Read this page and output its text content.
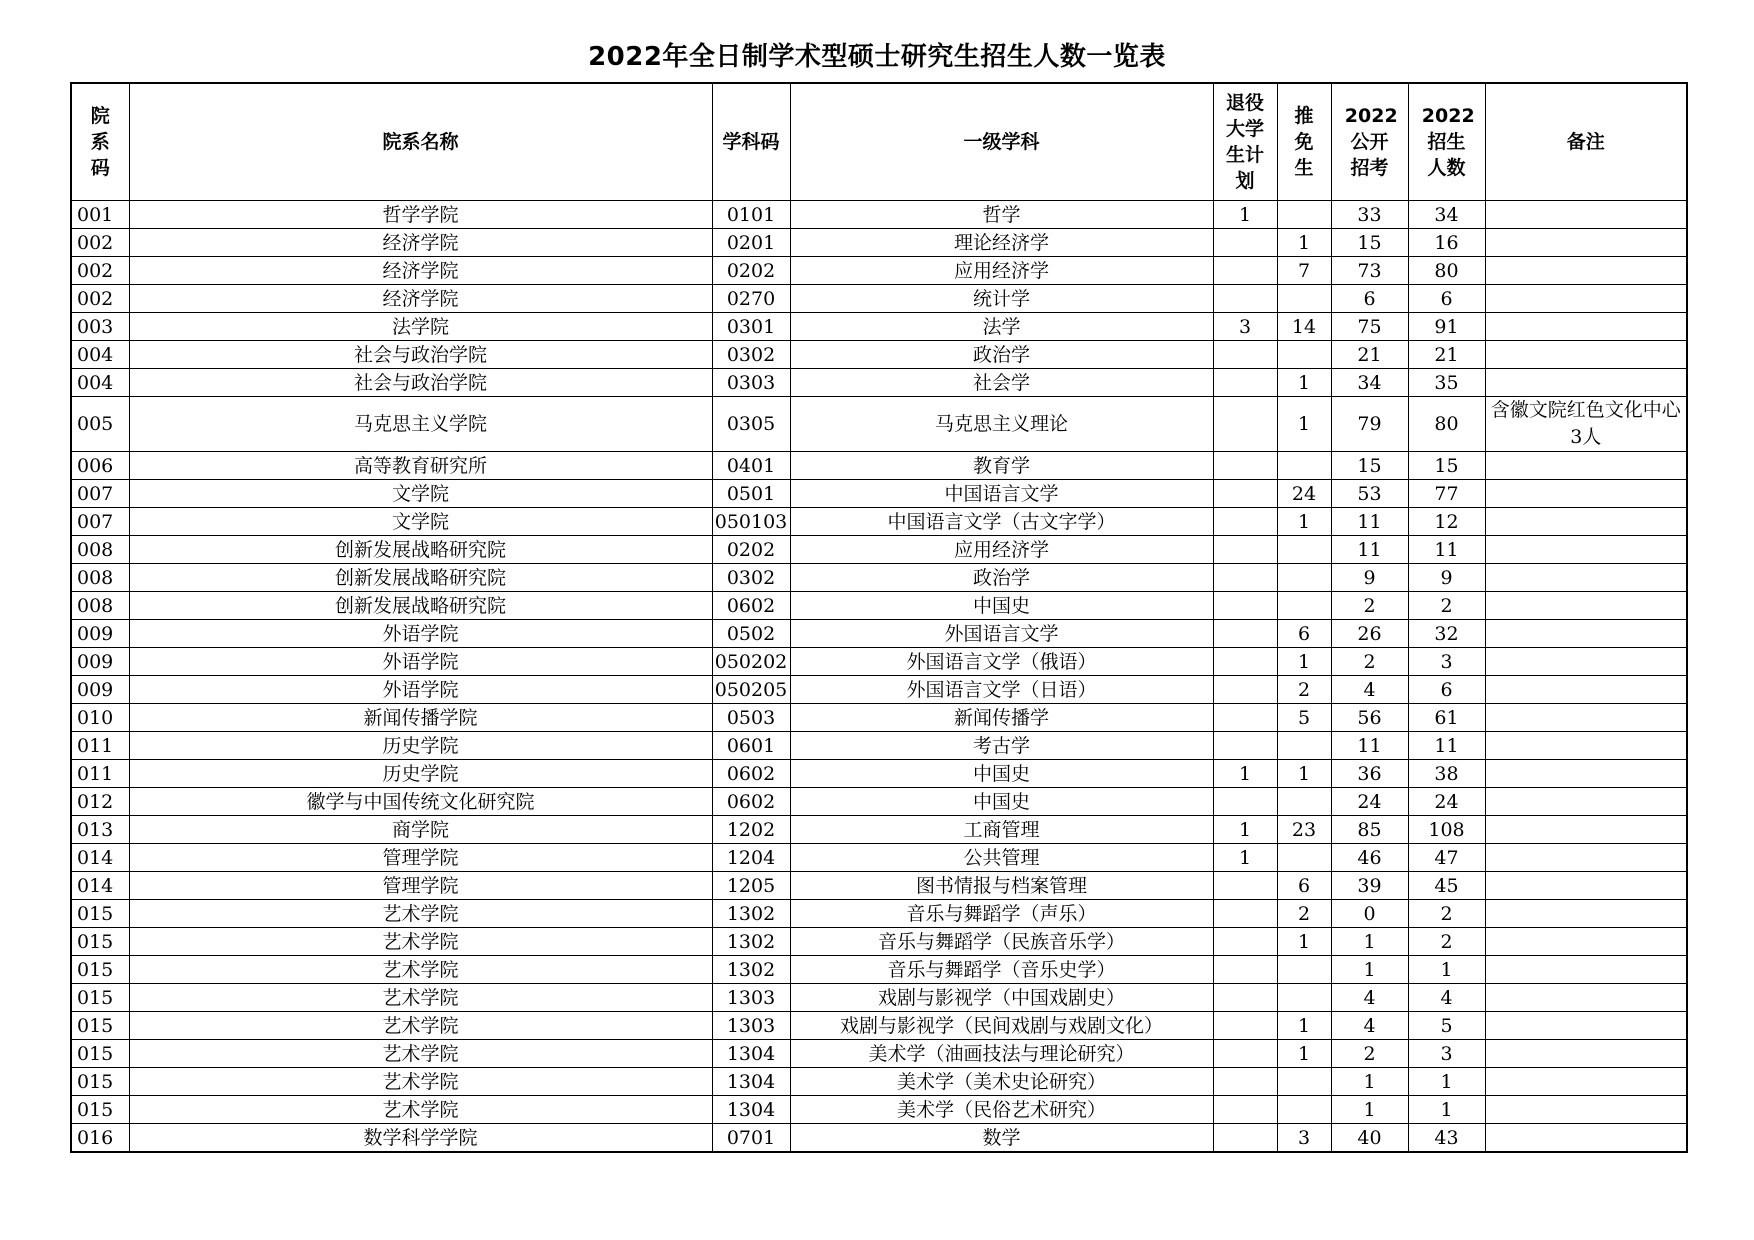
2022年全日制学术型硕士研究生招生人数一览表
院系码	院系名称	学科码	一级学科	退役大学生计划	推免生	2022公开招考	2022招生人数	备注
001	哲学学院	0101	哲学	1		33	34	
002	经济学院	0201	理论经济学		1	15	16	
002	经济学院	0202	应用经济学		7	73	80	
002	经济学院	0270	统计学			6	6	
003	法学院	0301	法学	3	14	75	91	
004	社会与政治学院	0302	政治学			21	21	
004	社会与政治学院	0303	社会学		1	34	35	
005	马克思主义学院	0305	马克思主义理论		1	79	80	含徽文院红色文化中心3人
006	高等教育研究所	0401	教育学			15	15	
007	文学院	0501	中国语言文学		24	53	77	
007	文学院	050103	中国语言文学（古文字学）		1	11	12	
008	创新发展战略研究院	0202	应用经济学			11	11	
008	创新发展战略研究院	0302	政治学			9	9	
008	创新发展战略研究院	0602	中国史			2	2	
009	外语学院	0502	外国语言文学		6	26	32	
009	外语学院	050202	外国语言文学（俄语）		1	2	3	
009	外语学院	050205	外国语言文学（日语）		2	4	6	
010	新闻传播学院	0503	新闻传播学		5	56	61	
011	历史学院	0601	考古学			11	11	
011	历史学院	0602	中国史	1	1	36	38	
012	徽学与中国传统文化研究院	0602	中国史			24	24	
013	商学院	1202	工商管理	1	23	85	108	
014	管理学院	1204	公共管理	1		46	47	
014	管理学院	1205	图书情报与档案管理		6	39	45	
015	艺术学院	1302	音乐与舞蹈学（声乐）		2	0	2	
015	艺术学院	1302	音乐与舞蹈学（民族音乐学）		1	1	2	
015	艺术学院	1302	音乐与舞蹈学（音乐史学）			1	1	
015	艺术学院	1303	戏剧与影视学（中国戏剧史）			4	4	
015	艺术学院	1303	戏剧与影视学（民间戏剧与戏剧文化）		1	4	5	
015	艺术学院	1304	美术学（油画技法与理论研究）		1	2	3	
015	艺术学院	1304	美术学（美术史论研究）			1	1	
015	艺术学院	1304	美术学（民俗艺术研究）			1	1	
016	数学科学学院	0701	数学		3	40	43	
